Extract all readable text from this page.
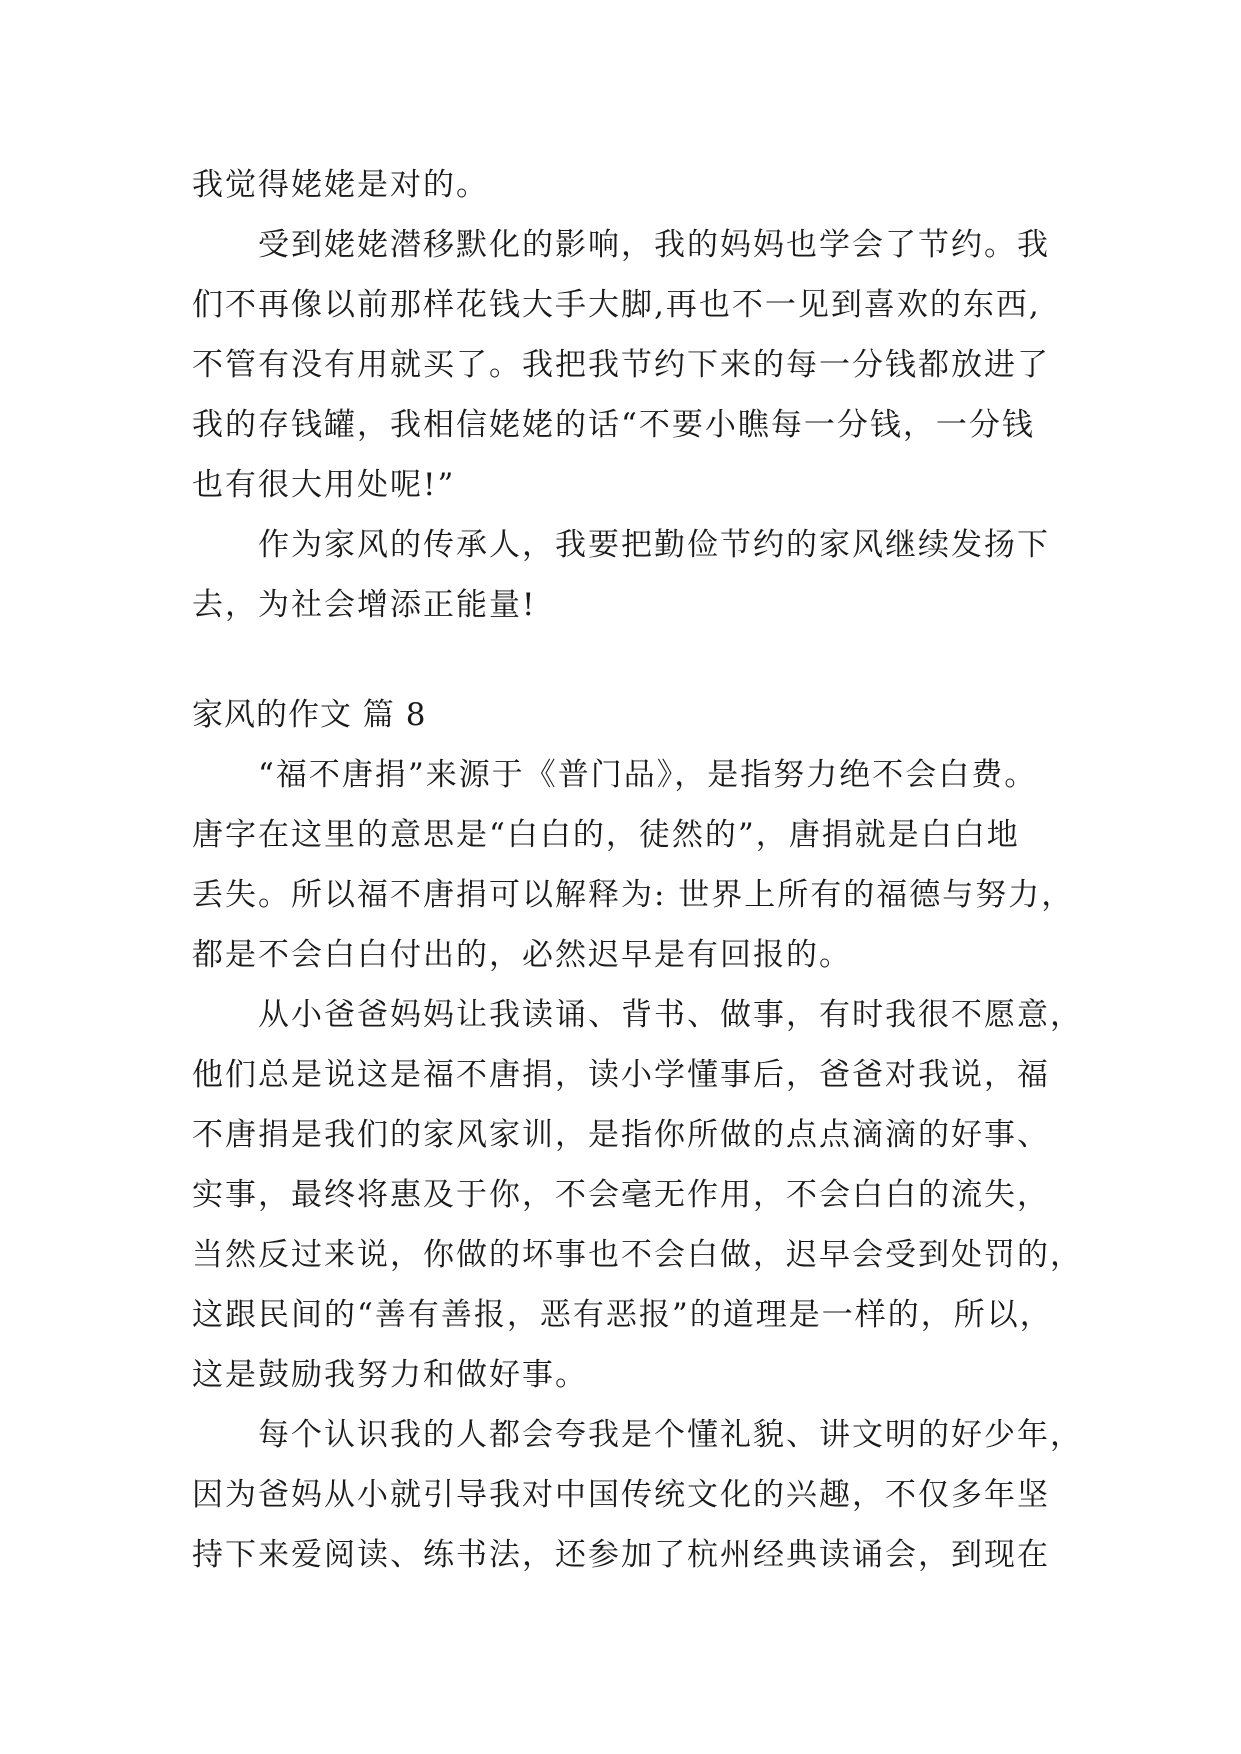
我觉得姥姥是对的。
受到姥姥潜移默化的影响，我的妈妈也学会了节约。我
们不再像以前那样花钱大手大脚,再也不一见到喜欢的东西,
不管有没有用就买了。我把我节约下来的每一分钱都放进了
我的存钱罐，我相信姥姥的话“不要小瞧每一分钱，一分钱
也有很大用处呢!”
作为家风的传承人，我要把勤俭节约的家风继续发扬下
去，为社会增添正能量!
家风的作文 篇 8
“福不唐捐”来源于《普门品》，是指努力绝不会白费。
唐字在这里的意思是“白白的，徒然的”，唐捐就是白白地
丢失。所以福不唐捐可以解释为: 世界上所有的福德与努力，
都是不会白白付出的，必然迟早是有回报的。
从小爸爸妈妈让我读诵、背书、做事，有时我很不愿意，
他们总是说这是福不唐捐，读小学懂事后，爸爸对我说，福
不唐捐是我们的家风家训，是指你所做的点点滴滴的好事、
实事，最终将惠及于你，不会毫无作用，不会白白的流失，
当然反过来说，你做的坏事也不会白做，迟早会受到处罚的，
这跟民间的“善有善报，恶有恶报”的道理是一样的，所以，
这是鼓励我努力和做好事。
每个认识我的人都会夸我是个懂礼貌、讲文明的好少年，
因为爸妈从小就引导我对中国传统文化的兴趣，不仅多年坚
持下来爱阅读、练书法，还参加了杭州经典读诵会，到现在
